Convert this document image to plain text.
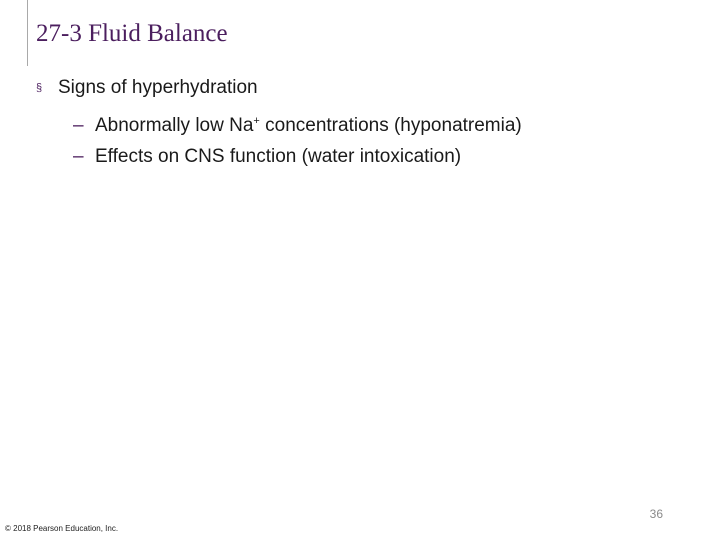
27-3 Fluid Balance
§ Signs of hyperhydration
– Abnormally low Na+ concentrations (hyponatremia)
– Effects on CNS function (water intoxication)
36
© 2018 Pearson Education, Inc.
